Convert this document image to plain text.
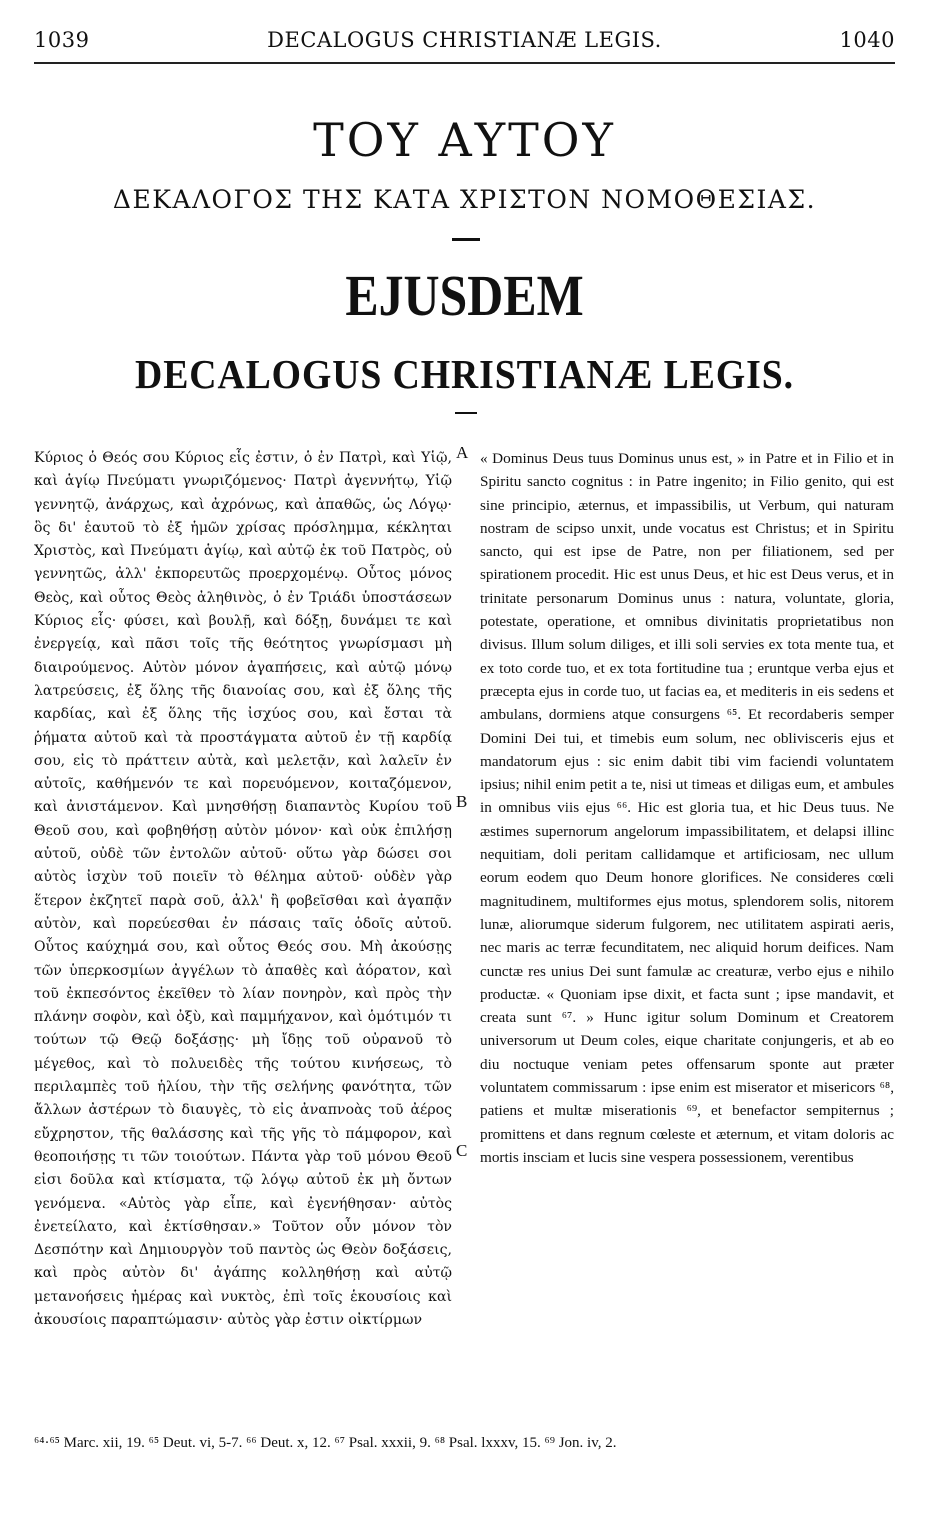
1039	DECALOGUS CHRISTIANÆ LEGIS.	1040
ΤΟΥ ΑΥΤΟΥ
ΔΕΚΑΛΟΓΟΣ ΤΗΣ ΚΑΤΑ ΧΡΙΣΤΟΝ ΝΟΜΟΘΕΣΙΑΣ.
EJUSDEM
DECALOGUS CHRISTIANÆ LEGIS.

Κύριος ὁ Θεός σου Κύριος εἷς ἐστιν, ὁ ἐν Πατρὶ, καὶ Υἱῷ, καὶ ἁγίῳ Πνεύματι γνωριζόμενος· Πατρὶ ἀγεννήτῳ, Υἱῷ γεννητῷ, ἀνάρχως, καὶ ἀχρόνως, καὶ ἀπαθῶς, ὡς Λόγῳ· ὃς δι' ἑαυτοῦ τὸ ἐξ ἡμῶν χρίσας πρόσλημμα, κέκληται Χριστὸς, καὶ Πνεύματι ἁγίῳ, καὶ αὐτῷ ἐκ τοῦ Πατρὸς, οὐ γεννητῶς, ἀλλ' ἐκπορευτῶς προερχομένῳ. Οὗτος μόνος Θεὸς, καὶ οὗτος Θεὸς ἀληθινὸς, ὁ ἐν Τριάδι ὑποστάσεων Κύριος εἷς· φύσει, καὶ βουλῇ, καὶ δόξῃ, δυνάμει τε καὶ ἐνεργείᾳ, καὶ πᾶσι τοῖς τῆς θεότητος γνωρίσμασι μὴ διαιρούμενος. Αὐτὸν μόνον ἀγαπήσεις, καὶ αὐτῷ μόνῳ λατρεύσεις, ἐξ ὅλης τῆς διανοίας σου, καὶ ἐξ ὅλης τῆς καρδίας, καὶ ἐξ ὅλης τῆς ἰσχύος σου, καὶ ἔσται τὰ ῥήματα αὐτοῦ καὶ τὰ προστάγματα αὐτοῦ ἐν τῇ καρδίᾳ σου, εἰς τὸ πράττειν αὐτὰ, καὶ μελετᾷν, καὶ λαλεῖν ἐν αὐτοῖς, καθήμενόν τε καὶ πορευόμενον, κοιταζόμενον, καὶ ἀνιστάμενον. Καὶ μνησθήσῃ διαπαντὸς Κυρίου τοῦ Θεοῦ σου, καὶ φοβηθήσῃ αὐτὸν μόνον· καὶ οὐκ ἐπιλήσῃ αὐτοῦ, οὐδὲ τῶν ἐντολῶν αὐτοῦ· οὕτω γὰρ δώσει σοι αὐτὸς ἰσχὺν τοῦ ποιεῖν τὸ θέλημα αὐτοῦ· οὐδὲν γὰρ ἕτερον ἐκζητεῖ παρὰ σοῦ, ἀλλ' ἢ φοβεῖσθαι καὶ ἀγαπᾷν αὐτὸν, καὶ πορεύεσθαι ἐν πάσαις ταῖς ὁδοῖς αὐτοῦ. Οὗτος καύχημά σου, καὶ οὗτος Θεός σου. Μὴ ἀκούσῃς τῶν ὑπερκοσμίων ἀγγέλων τὸ ἀπαθὲς καὶ ἀόρατον, καὶ τοῦ ἐκπεσόντος ἐκεῖθεν τὸ λίαν πονηρὸν, καὶ πρὸς τὴν πλάνην σοφὸν, καὶ ὀξὺ, καὶ παμμήχανον, καὶ ὁμότιμόν τι τούτων τῷ Θεῷ δοξάσῃς· μὴ ἴδῃς τοῦ οὐρανοῦ τὸ μέγεθος, καὶ τὸ πολυειδὲς τῆς τούτου κινήσεως, τὸ περιλαμπὲς τοῦ ἡλίου, τὴν τῆς σελήνης φανότητα, τῶν ἄλλων ἀστέρων τὸ διαυγὲς, τὸ εἰς ἀναπνοὰς τοῦ ἀέρος εὔχρηστον, τῆς θαλάσσης καὶ τῆς γῆς τὸ πάμφορον, καὶ θεοποιήσῃς τι τῶν τοιούτων. Πάντα γὰρ τοῦ μόνου Θεοῦ εἰσι δοῦλα καὶ κτίσματα, τῷ λόγῳ αὐτοῦ ἐκ μὴ ὄντων γενόμενα. «Αὐτὸς γὰρ εἶπε, καὶ ἐγενήθησαν· αὐτὸς ἐνετείλατο, καὶ ἐκτίσθησαν.» Τοῦτον οὖν μόνον τὸν Δεσπότην καὶ Δημιουργὸν τοῦ παντὸς ὡς Θεὸν δοξάσεις, καὶ πρὸς αὐτὸν δι' ἀγάπης κολληθήσῃ καὶ αὐτῷ μετανοήσεις ἡμέρας καὶ νυκτὸς, ἐπὶ τοῖς ἑκουσίοις καὶ ἀκουσίοις παραπτώμασιν· αὐτὸς γὰρ ἐστιν οἰκτίρμων

« Dominus Deus tuus Dominus unus est, » in Patre et in Filio et in Spiritu sancto cognitus : in Patre ingenito; in Filio genito, qui est sine principio, æternus, et impassibilis, ut Verbum, qui naturam nostram de scipso unxit, unde vocatus est Christus; et in Spiritu sancto, qui est ipse de Patre, non per filiationem, sed per spirationem procedit. Hic est unus Deus, et hic est Deus verus, et in trinitate personarum Dominus unus : natura, voluntate, gloria, potestate, operatione, et omnibus divinitatis proprietatibus non divisus. Illum solum diliges, et illi soli servies ex tota mente tua, et ex toto corde tuo, et ex tota fortitudine tua ; eruntque verba ejus et præcepta ejus in corde tuo, ut facias ea, et mediteris in eis sedens et ambulans, dormiens atque consurgens ⁶⁵. Et recordaberis semper Domini Dei tui, et timebis eum solum, nec oblivisceris ejus et mandatorum ejus : sic enim dabit tibi vim faciendi voluntatem ipsius; nihil enim petit a te, nisi ut timeas et diligas eum, et ambules in omnibus viis ejus ⁶⁶. Hic est gloria tua, et hic Deus tuus. Ne æstimes supernorum angelorum impassibilitatem, et delapsi illinc nequitiam, doli peritam callidamque et artificiosam, nec ullum eorum eodem quo Deum honore glorifices. Ne consideres cœli magnitudinem, multiformes ejus motus, splendorem solis, nitorem lunæ, aliorumque siderum fulgorem, nec utilitatem aspirati aeris, nec maris ac terræ fecunditatem, nec aliquid horum deifices. Nam cunctæ res unius Dei sunt famulæ ac creaturæ, verbo ejus e nihilo productæ. « Quoniam ipse dixit, et facta sunt ; ipse mandavit, et creata sunt ⁶⁷. » Hunc igitur solum Dominum et Creatorem universorum ut Deum coles, eique charitate conjungeris, et ab eo diu noctuque veniam petes offensarum sponte aut præter voluntatem commissarum : ipse enim est miserator et misericors ⁶⁸, patiens et multæ miserationis ⁶⁹, et benefactor sempiternus ; promittens et dans regnum cœleste et æternum, et vitam doloris ac mortis insciam et lucis sine vespera possessionem, verentibus

A
B
C
⁶⁴·⁶⁵ Marc. xii, 19. ⁶⁵ Deut. vi, 5-7. ⁶⁶ Deut. x, 12. ⁶⁷ Psal. xxxii, 9. ⁶⁸ Psal. lxxxv, 15. ⁶⁹ Jon. iv, 2.
